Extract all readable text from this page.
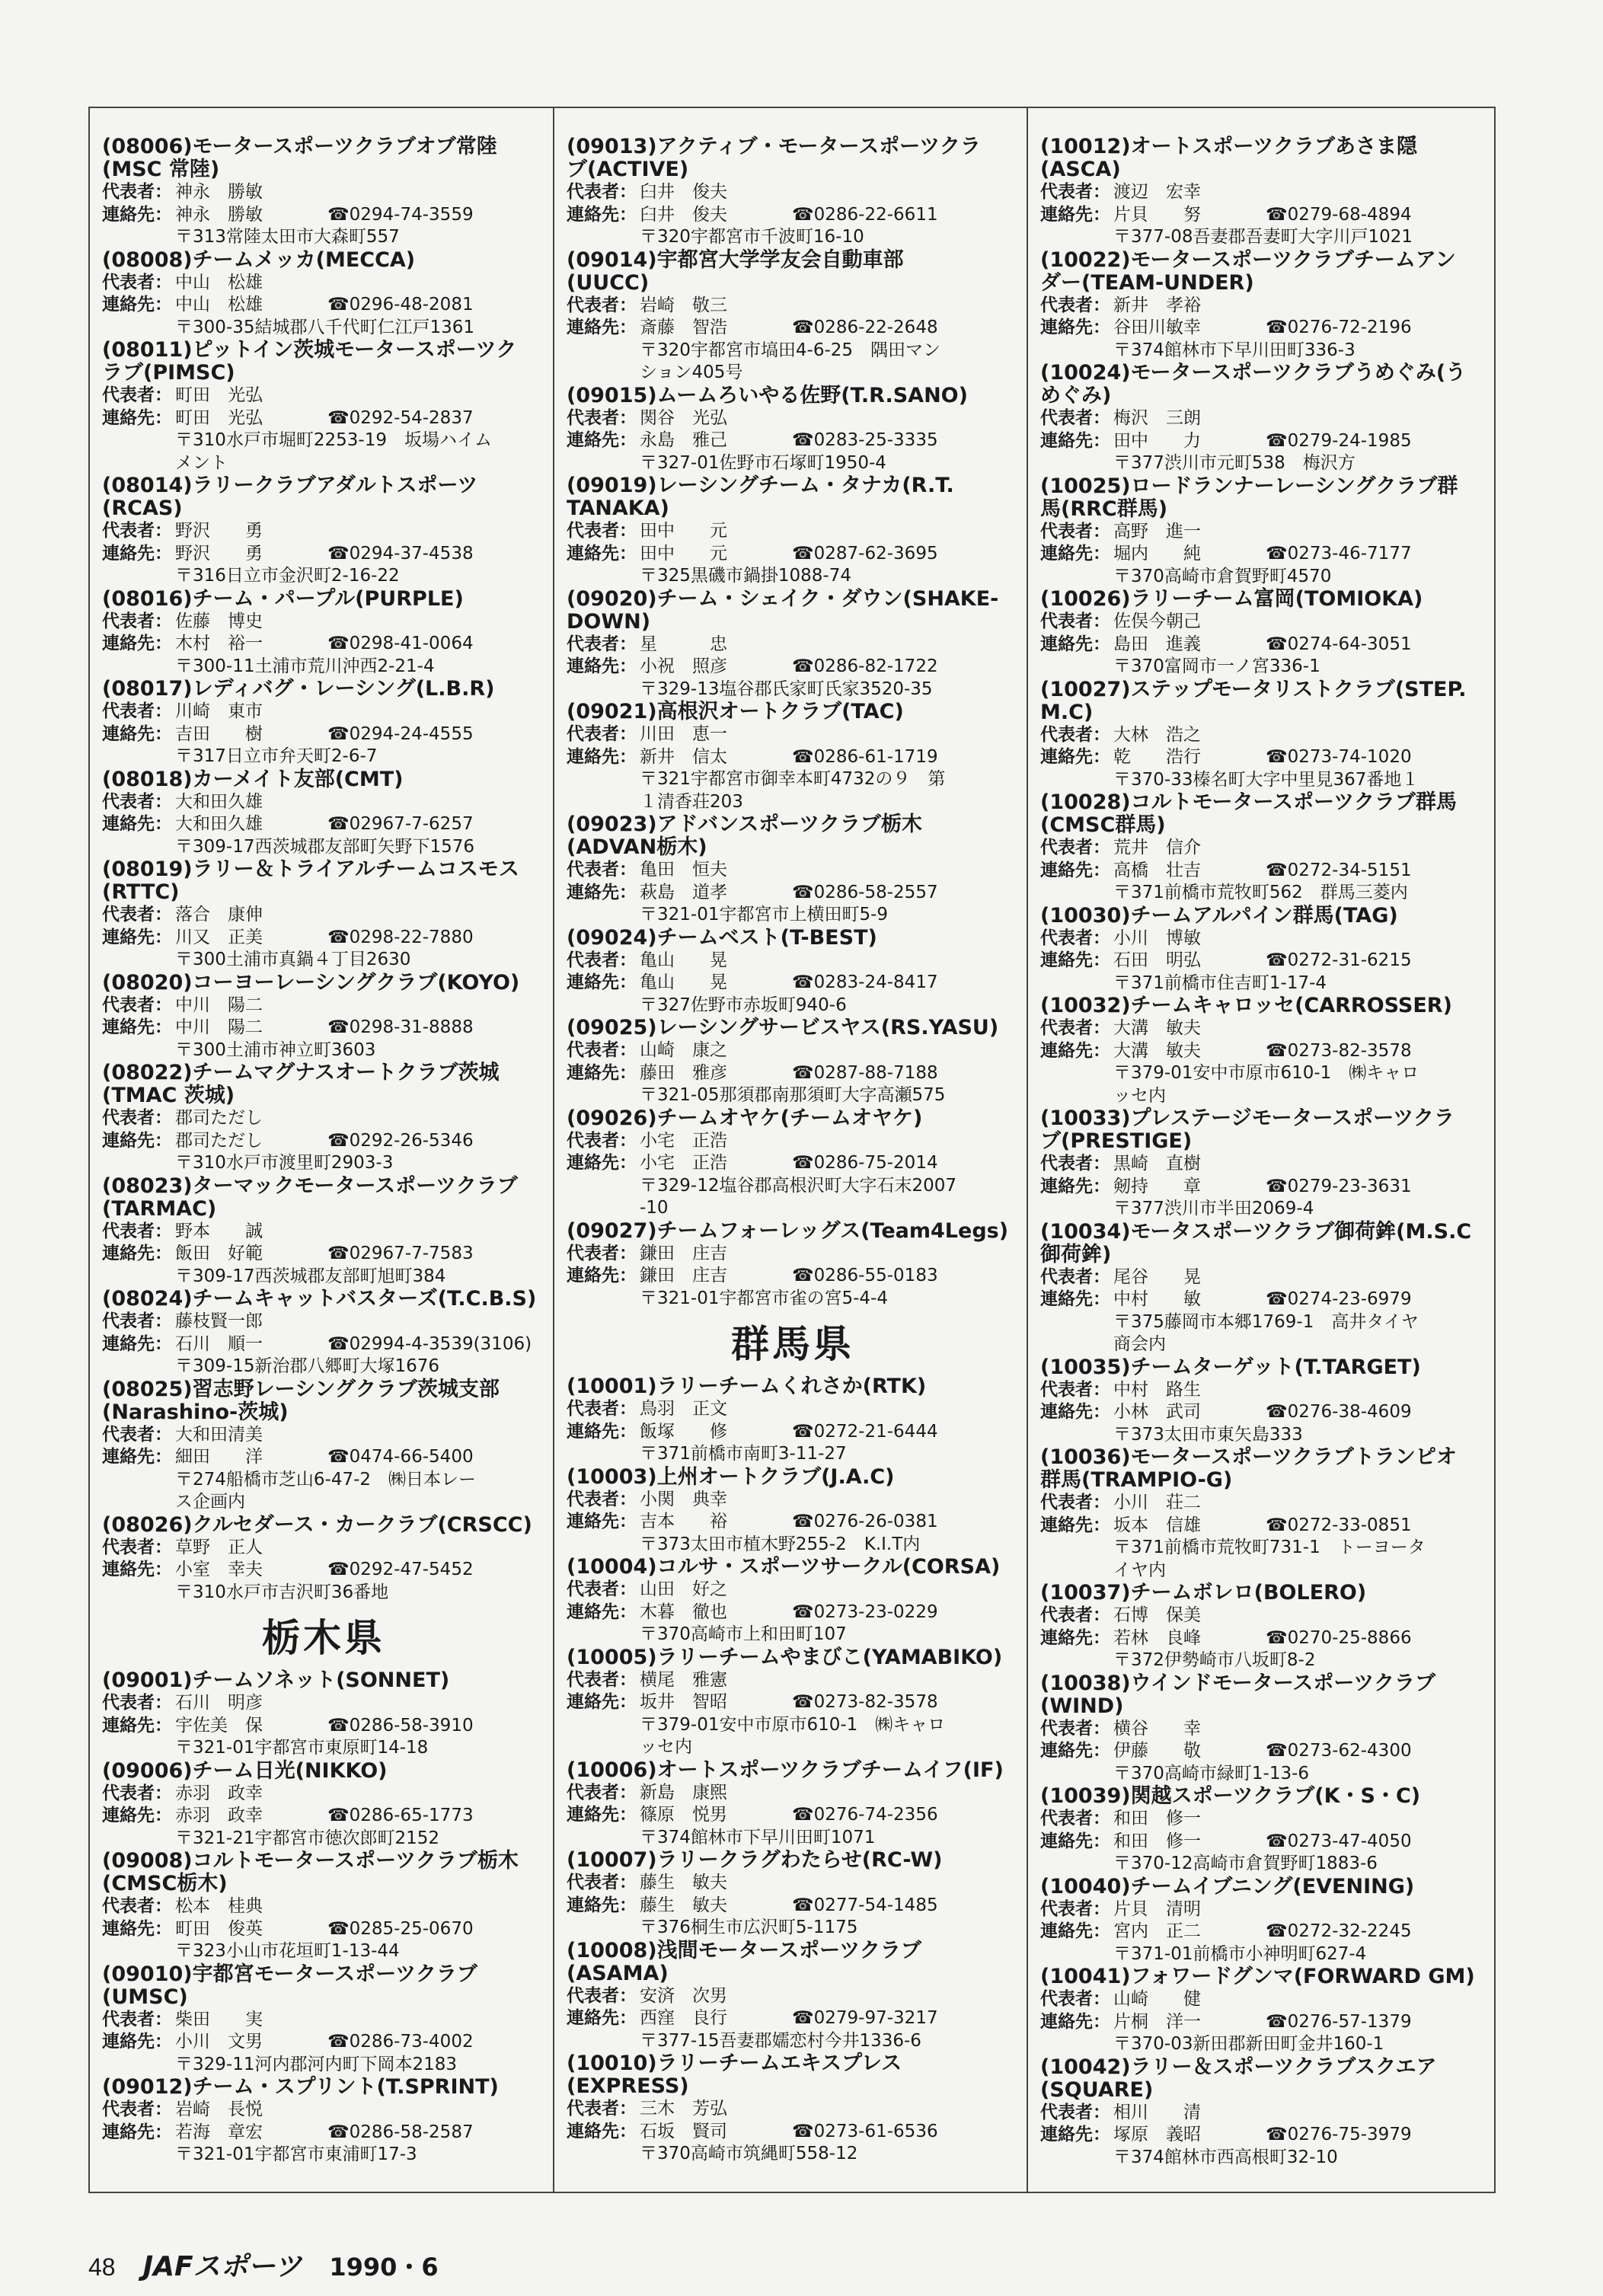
(08006)モータースポーツクラブオブ常陸
(MSC 常陸)
代表者： 神永　勝敏
連絡先： 神永　勝敏	☎0294-74-3559
〒313常陸太田市大森町557
(08008)チームメッカ(MECCA)
代表者： 中山　松雄
連絡先： 中山　松雄	☎0296-48-2081
〒300-35結城郡八千代町仁江戸1361
(08011)ピットイン茨城モータースポーツク
ラブ(PIMSC)
代表者： 町田　光弘
連絡先： 町田　光弘	☎0292-54-2837
〒310水戸市堀町2253-19　坂場ハイム
メント
(08014)ラリークラブアダルトスポーツ
(RCAS)
代表者： 野沢　　勇
連絡先： 野沢　　勇	☎0294-37-4538
〒316日立市金沢町2-16-22
(08016)チーム・パープル(PURPLE)
代表者： 佐藤　博史
連絡先： 木村　裕一	☎0298-41-0064
〒300-11土浦市荒川沖西2-21-4
(08017)レディバグ・レーシング(L.B.R)
代表者： 川崎　東市
連絡先： 吉田　　樹	☎0294-24-4555
〒317日立市弁天町2-6-7
(08018)カーメイト友部(CMT)
代表者： 大和田久雄
連絡先： 大和田久雄	☎02967-7-6257
〒309-17西茨城郡友部町矢野下1576
(08019)ラリー＆トライアルチームコスモス
(RTTC)
代表者： 落合　康伸
連絡先： 川又　正美	☎0298-22-7880
〒300土浦市真鍋４丁目2630
(08020)コーヨーレーシングクラブ(KOYO)
代表者： 中川　陽二
連絡先： 中川　陽二	☎0298-31-8888
〒300土浦市神立町3603
(08022)チームマグナスオートクラブ茨城
(TMAC 茨城)
代表者： 郡司ただし
連絡先： 郡司ただし	☎0292-26-5346
〒310水戸市渡里町2903-3
(08023)ターマックモータースポーツクラブ
(TARMAC)
代表者： 野本　　誠
連絡先： 飯田　好範	☎02967-7-7583
〒309-17西茨城郡友部町旭町384
(08024)チームキャットバスターズ(T.C.B.S)
代表者： 藤枝賢一郎
連絡先： 石川　順一	☎02994-4-3539(3106)
〒309-15新治郡八郷町大塚1676
(08025)習志野レーシングクラブ茨城支部
(Narashino-茨城)
代表者： 大和田清美
連絡先： 細田　　洋	☎0474-66-5400
〒274船橋市芝山6-47-2　㈱日本レー
ス企画内
(08026)クルセダース・カークラブ(CRSCC)
代表者： 草野　正人
連絡先： 小室　幸夫	☎0292-47-5452
〒310水戸市吉沢町36番地
栃木県
(09001)チームソネット(SONNET)
代表者： 石川　明彦
連絡先： 宇佐美　保	☎0286-58-3910
〒321-01宇都宮市東原町14-18
(09006)チーム日光(NIKKO)
代表者： 赤羽　政幸
連絡先： 赤羽　政幸	☎0286-65-1773
〒321-21宇都宮市徳次郎町2152
(09008)コルトモータースポーツクラブ栃木
(CMSC栃木)
代表者： 松本　桂典
連絡先： 町田　俊英	☎0285-25-0670
〒323小山市花垣町1-13-44
(09010)宇都宮モータースポーツクラブ
(UMSC)
代表者： 柴田　　実
連絡先： 小川　文男	☎0286-73-4002
〒329-11河内郡河内町下岡本2183
(09012)チーム・スプリント(T.SPRINT)
代表者： 岩崎　長悦
連絡先： 若海　章宏	☎0286-58-2587
〒321-01宇都宮市東浦町17-3
(09013)アクティブ・モータースポーツクラ
ブ(ACTIVE)
代表者： 臼井　俊夫
連絡先： 臼井　俊夫	☎0286-22-6611
〒320宇都宮市千波町16-10
(09014)宇都宮大学学友会自動車部
(UUCC)
代表者： 岩崎　敬三
連絡先： 斎藤　智浩	☎0286-22-2648
〒320宇都宮市塙田4-6-25　隅田マン
ション405号
(09015)ムームろいやる佐野(T.R.SANO)
代表者： 関谷　光弘
連絡先： 永島　雅己	☎0283-25-3335
〒327-01佐野市石塚町1950-4
(09019)レーシングチーム・タナカ(R.T.
TANAKA)
代表者： 田中　　元
連絡先： 田中　　元	☎0287-62-3695
〒325黒磯市鍋掛1088-74
(09020)チーム・シェイク・ダウン(SHAKE-
DOWN)
代表者： 星　　　忠
連絡先： 小祝　照彦	☎0286-82-1722
〒329-13塩谷郡氏家町氏家3520-35
(09021)高根沢オートクラブ(TAC)
代表者： 川田　恵一
連絡先： 新井　信太	☎0286-61-1719
〒321宇都宮市御幸本町4732の９　第
１清香荘203
(09023)アドバンスポーツクラブ栃木
(ADVAN栃木)
代表者： 亀田　恒夫
連絡先： 萩島　道孝	☎0286-58-2557
〒321-01宇都宮市上横田町5-9
(09024)チームベスト(T-BEST)
代表者： 亀山　　晃
連絡先： 亀山　　晃	☎0283-24-8417
〒327佐野市赤坂町940-6
(09025)レーシングサービスヤス(RS.YASU)
代表者： 山崎　康之
連絡先： 藤田　雅彦	☎0287-88-7188
〒321-05那須郡南那須町大字高瀬575
(09026)チームオヤケ(チームオヤケ)
代表者： 小宅　正浩
連絡先： 小宅　正浩	☎0286-75-2014
〒329-12塩谷郡高根沢町大字石末2007
-10
(09027)チームフォーレッグス(Team4Legs)
代表者： 鎌田　庄吉
連絡先： 鎌田　庄吉	☎0286-55-0183
〒321-01宇都宮市雀の宮5-4-4
群馬県
(10001)ラリーチームくれさか(RTK)
代表者： 鳥羽　正文
連絡先： 飯塚　　修	☎0272-21-6444
〒371前橋市南町3-11-27
(10003)上州オートクラブ(J.A.C)
代表者： 小関　典幸
連絡先： 吉本　　裕	☎0276-26-0381
〒373太田市植木野255-2　K.I.T内
(10004)コルサ・スポーツサークル(CORSA)
代表者： 山田　好之
連絡先： 木暮　徹也	☎0273-23-0229
〒370高崎市上和田町107
(10005)ラリーチームやまびこ(YAMABIKO)
代表者： 横尾　雅憲
連絡先： 坂井　智昭	☎0273-82-3578
〒379-01安中市原市610-1　㈱キャロ
ッセ内
(10006)オートスポーツクラブチームイフ(IF)
代表者： 新島　康煕
連絡先： 篠原　悦男	☎0276-74-2356
〒374館林市下早川田町1071
(10007)ラリークラグわたらせ(RC-W)
代表者： 藤生　敏夫
連絡先： 藤生　敏夫	☎0277-54-1485
〒376桐生市広沢町5-1175
(10008)浅間モータースポーツクラブ
(ASAMA)
代表者： 安済　次男
連絡先： 西窪　良行	☎0279-97-3217
〒377-15吾妻郡嬬恋村今井1336-6
(10010)ラリーチームエキスプレス
(EXPRESS)
代表者： 三木　芳弘
連絡先： 石坂　賢司	☎0273-61-6536
〒370高崎市筑縄町558-12
(10012)オートスポーツクラブあさま隠
(ASCA)
代表者： 渡辺　宏幸
連絡先： 片貝　　努	☎0279-68-4894
〒377-08吾妻郡吾妻町大字川戸1021
(10022)モータースポーツクラブチームアン
ダー(TEAM-UNDER)
代表者： 新井　孝裕
連絡先： 谷田川敏幸	☎0276-72-2196
〒374館林市下早川田町336-3
(10024)モータースポーツクラブうめぐみ(う
めぐみ)
代表者： 梅沢　三朗
連絡先： 田中　　力	☎0279-24-1985
〒377渋川市元町538　梅沢方
(10025)ロードランナーレーシングクラブ群
馬(RRC群馬)
代表者： 高野　進一
連絡先： 堀内　　純	☎0273-46-7177
〒370高崎市倉賀野町4570
(10026)ラリーチーム富岡(TOMIOKA)
代表者： 佐俣今朝己
連絡先： 島田　進義	☎0274-64-3051
〒370富岡市一ノ宮336-1
(10027)ステップモータリストクラブ(STEP.
M.C)
代表者： 大林　浩之
連絡先： 乾　　浩行	☎0273-74-1020
〒370-33榛名町大字中里見367番地１
(10028)コルトモータースポーツクラブ群馬
(CMSC群馬)
代表者： 荒井　信介
連絡先： 高橋　壮吉	☎0272-34-5151
〒371前橋市荒牧町562　群馬三菱内
(10030)チームアルパイン群馬(TAG)
代表者： 小川　博敏
連絡先： 石田　明弘	☎0272-31-6215
〒371前橋市住吉町1-17-4
(10032)チームキャロッセ(CARROSSER)
代表者： 大溝　敏夫
連絡先： 大溝　敏夫	☎0273-82-3578
〒379-01安中市原市610-1　㈱キャロ
ッセ内
(10033)プレステージモータースポーツクラ
ブ(PRESTIGE)
代表者： 黒崎　直樹
連絡先： 剱持　　章	☎0279-23-3631
〒377渋川市半田2069-4
(10034)モータスポーツクラブ御荷鉾(M.S.C
御荷鉾)
代表者： 尾谷　　晃
連絡先： 中村　　敏	☎0274-23-6979
〒375藤岡市本郷1769-1　高井タイヤ
商会内
(10035)チームターゲット(T.TARGET)
代表者： 中村　路生
連絡先： 小林　武司	☎0276-38-4609
〒373太田市東矢島333
(10036)モータースポーツクラブトランピオ
群馬(TRAMPIO-G)
代表者： 小川　荘二
連絡先： 坂本　信雄	☎0272-33-0851
〒371前橋市荒牧町731-1　トーヨータ
イヤ内
(10037)チームボレロ(BOLERO)
代表者： 石博　保美
連絡先： 若林　良峰	☎0270-25-8866
〒372伊勢崎市八坂町8-2
(10038)ウインドモータースポーツクラブ
(WIND)
代表者： 横谷　　幸
連絡先： 伊藤　　敬	☎0273-62-4300
〒370高崎市緑町1-13-6
(10039)関越スポーツクラブ(K・S・C)
代表者： 和田　修一
連絡先： 和田　修一	☎0273-47-4050
〒370-12高崎市倉賀野町1883-6
(10040)チームイブニング(EVENING)
代表者： 片貝　清明
連絡先： 宮内　正二	☎0272-32-2245
〒371-01前橋市小神明町627-4
(10041)フォワードグンマ(FORWARD GM)
代表者： 山崎　　健
連絡先： 片桐　洋一	☎0276-57-1379
〒370-03新田郡新田町金井160-1
(10042)ラリー＆スポーツクラブスクエア
(SQUARE)
代表者： 相川　　清
連絡先： 塚原　義昭	☎0276-75-3979
〒374館林市西高根町32-10
48 JAFスポーツ 1990・6
